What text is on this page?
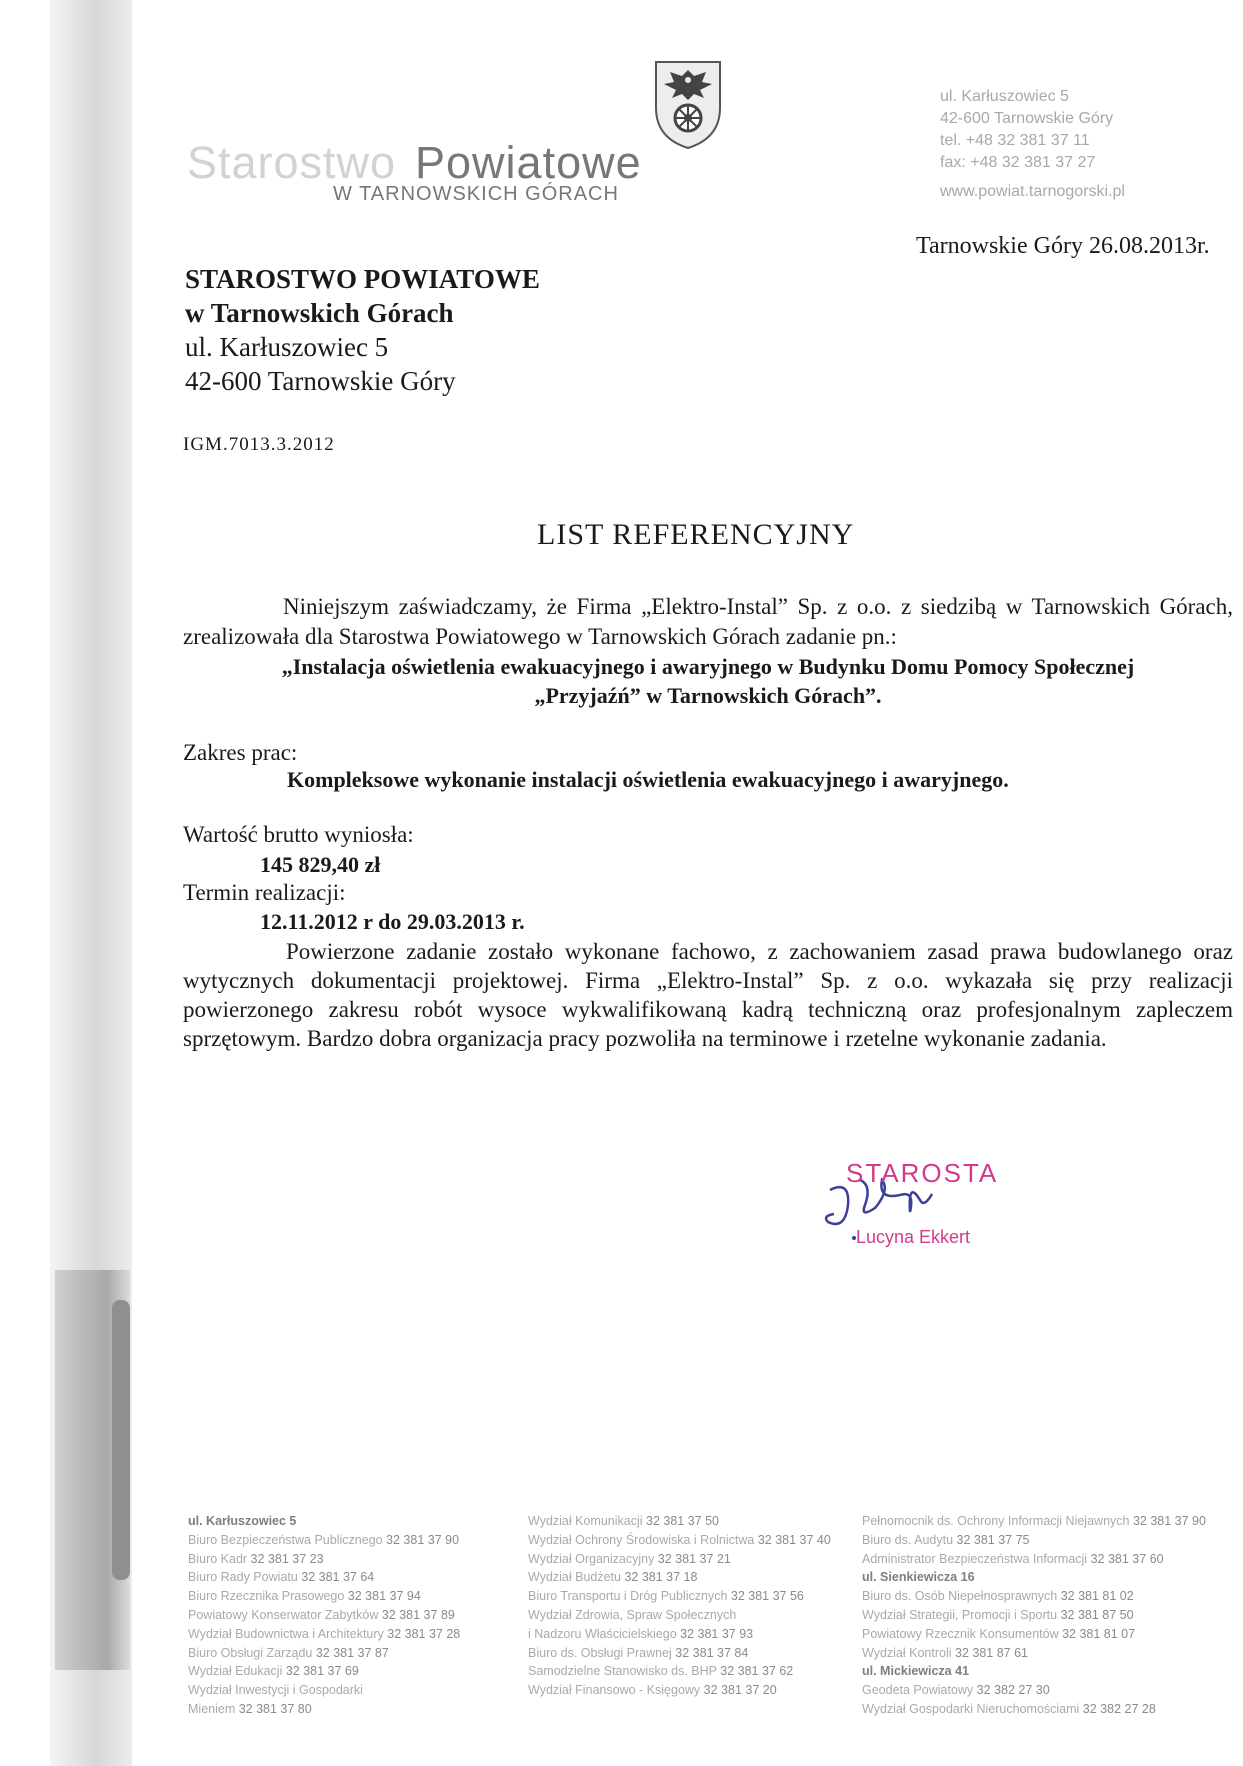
Starostwo Powiatowe
W TARNOWSKICH GÓRACH
ul. Karłuszowiec 5
42-600 Tarnowskie Góry
tel. +48 32 381 37 11
fax: +48 32 381 37 27
www.powiat.tarnogorski.pl
Tarnowskie Góry 26.08.2013r.
STAROSTWO POWIATOWE
w Tarnowskich Górach
ul. Karłuszowiec 5
42-600 Tarnowskie Góry
IGM.7013.3.2012
LIST REFERENCYJNY
Niniejszym zaświadczamy, że Firma „Elektro-Instal” Sp. z o.o. z siedzibą w Tarnowskich Górach, zrealizowała dla Starostwa Powiatowego w Tarnowskich Górach zadanie pn.:
„Instalacja oświetlenia ewakuacyjnego i awaryjnego w Budynku Domu Pomocy Społecznej
„Przyjaźń” w Tarnowskich Górach”.
Zakres prac:
Kompleksowe wykonanie instalacji oświetlenia ewakuacyjnego i awaryjnego.
Wartość brutto wyniosła:
145 829,40 zł
Termin realizacji:
12.11.2012 r do 29.03.2013 r.
Powierzone zadanie zostało wykonane fachowo, z zachowaniem zasad prawa budowlanego oraz wytycznych dokumentacji projektowej. Firma „Elektro-Instal” Sp. z o.o. wykazała się przy realizacji powierzonego zakresu robót wysoce wykwalifikowaną kadrą techniczną oraz profesjonalnym zapleczem sprzętowym. Bardzo dobra organizacja pracy pozwoliła na terminowe i rzetelne wykonanie zadania.
STAROSTA
Lucyna Ekkert
ul. Karłuszowiec 5
Biuro Bezpieczeństwa Publicznego 32 381 37 90
Biuro Kadr 32 381 37 23
Biuro Rady Powiatu 32 381 37 64
Biuro Rzecznika Prasowego 32 381 37 94
Powiatowy Konserwator Zabytków 32 381 37 89
Wydział Budownictwa i Architektury 32 381 37 28
Biuro Obsługi Zarządu 32 381 37 87
Wydział Edukacji 32 381 37 69
Wydział Inwestycji i Gospodarki
Mieniem 32 381 37 80
Wydział Komunikacji 32 381 37 50
Wydział Ochrony Środowiska i Rolnictwa 32 381 37 40
Wydział Organizacyjny 32 381 37 21
Wydział Budżetu 32 381 37 18
Biuro Transportu i Dróg Publicznych 32 381 37 56
Wydział Zdrowia, Spraw Społecznych
i Nadzoru Właścicielskiego 32 381 37 93
Biuro ds. Obsługi Prawnej 32 381 37 84
Samodzielne Stanowisko ds. BHP 32 381 37 62
Wydział Finansowo - Księgowy 32 381 37 20
Pełnomocnik ds. Ochrony Informacji Niejawnych 32 381 37 90
Biuro ds. Audytu 32 381 37 75
Administrator Bezpieczeństwa Informacji 32 381 37 60
ul. Sienkiewicza 16
Biuro ds. Osób Niepełnosprawnych 32 381 81 02
Wydział Strategii, Promocji i Sportu 32 381 87 50
Powiatowy Rzecznik Konsumentów 32 381 81 07
Wydział Kontroli 32 381 87 61
ul. Mickiewicza 41
Geodeta Powiatowy 32 382 27 30
Wydział Gospodarki Nieruchomościami 32 382 27 28
